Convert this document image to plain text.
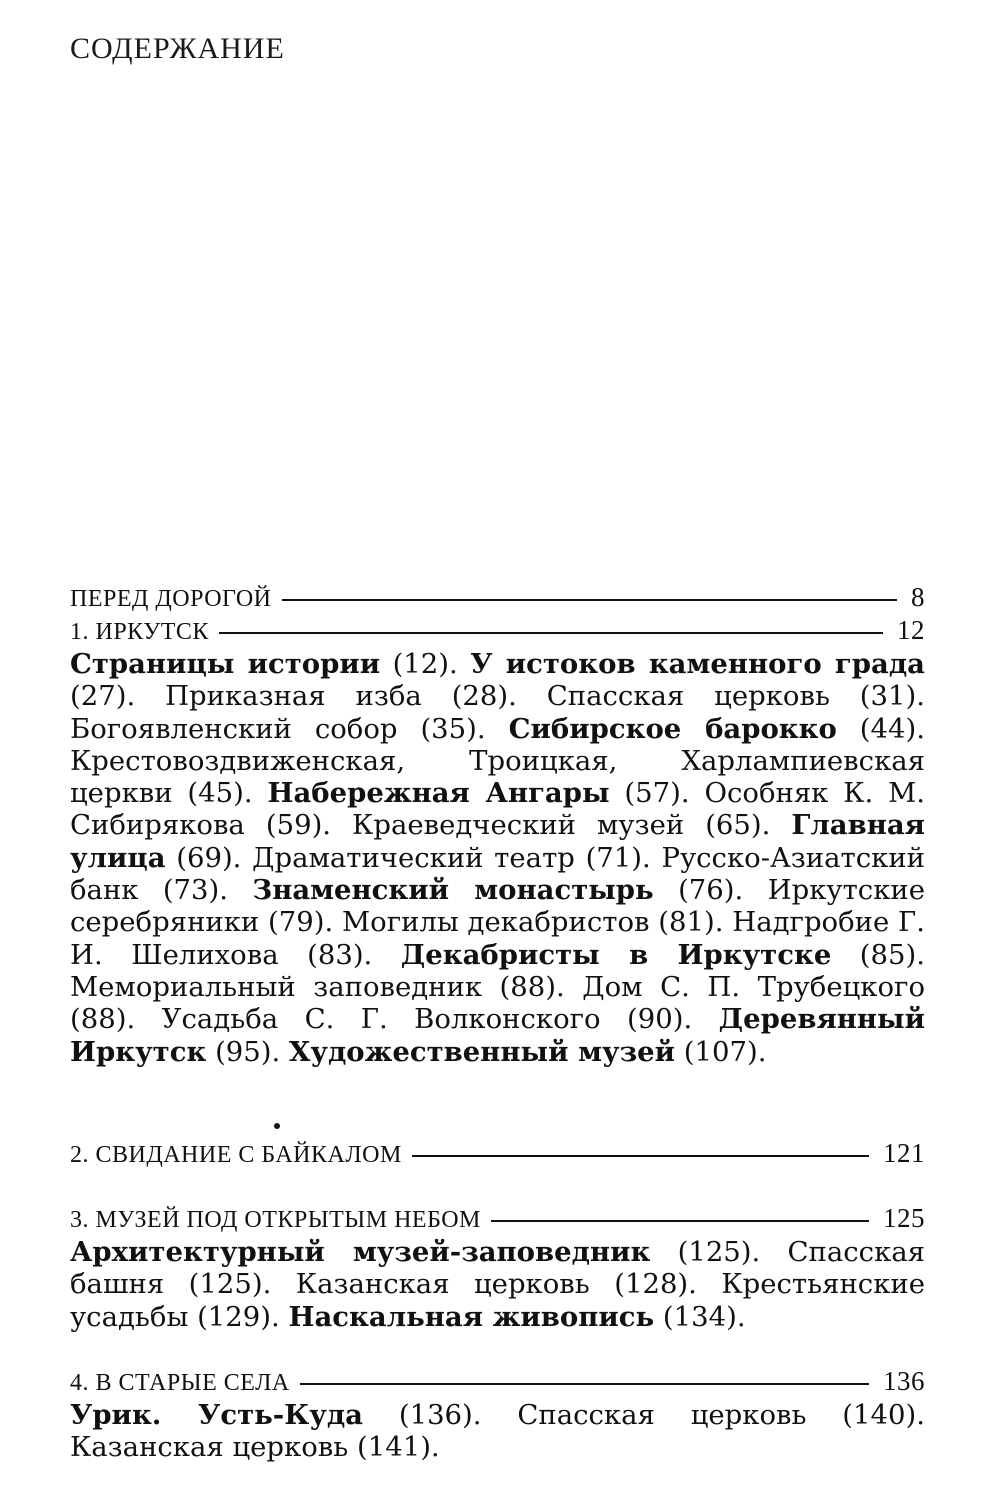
СОДЕРЖАНИЕ
ПЕРЕД ДОРОГОЙ	8
1. ИРКУТСК	12
Страницы истории (12). У истоков каменного града (27). Приказная изба (28). Спасская церковь (31). Богоявленский собор (35). Сибирское барокко (44). Крестовоздвиженская, Троицкая, Харлампиевская церкви (45). Набережная Ангары (57). Особняк К. М. Сибирякова (59). Краеведческий музей (65). Главная улица (69). Драматический театр (71). Русско-Азиатский банк (73). Знаменский монастырь (76). Иркутские серебряники (79). Могилы декабристов (81). Надгробие Г. И. Шелихова (83). Декабристы в Иркутске (85). Мемориальный заповедник (88). Дом С. П. Трубецкого (88). Усадьба С. Г. Волконского (90). Деревянный Иркутск (95). Художественный музей (107).
2. СВИДАНИЕ С БАЙКАЛОМ	121
3. МУЗЕЙ ПОД ОТКРЫТЫМ НЕБОМ	125
Архитектурный музей-заповедник (125). Спасская башня (125). Казанская церковь (128). Крестьянские усадьбы (129). Наскальная живопись (134).
4. В СТАРЫЕ СЕЛА	136
Урик. Усть-Куда (136). Спасская церковь (140). Казанская церковь (141).
